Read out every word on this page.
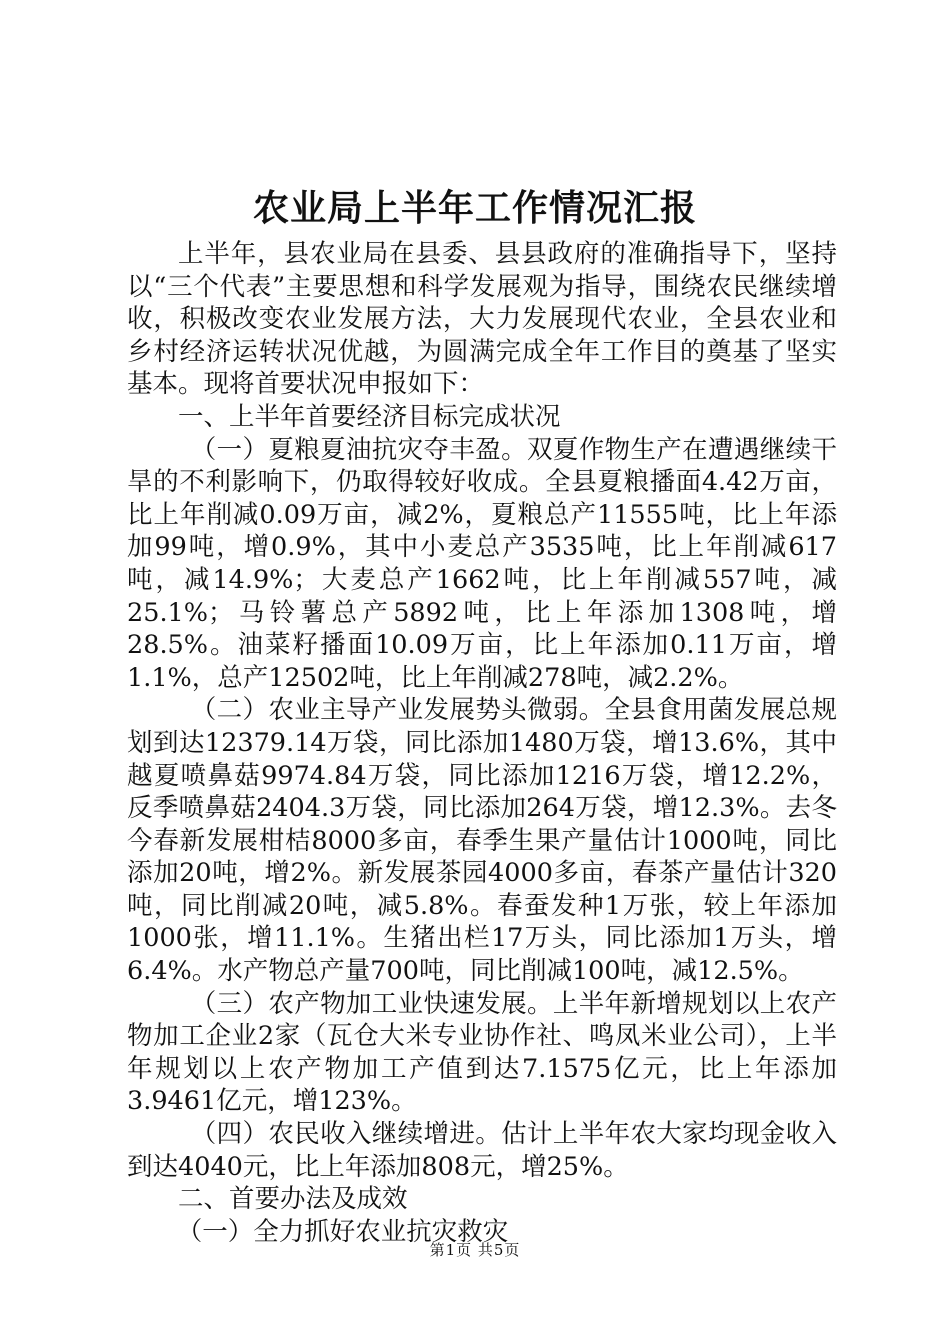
农业局上半年工作情况汇报

上半年，县农业局在县委、县县政府的准确指导下，坚持以“三个代表”主要思想和科学发展观为指导，围绕农民继续增收，积极改变农业发展方法，大力发展现代农业，全县农业和乡村经济运转状况优越，为圆满完成全年工作目的奠基了坚实基本。现将首要状况申报如下：

一、上半年首要经济目标完成状况

（一）夏粮夏油抗灾夺丰盈。双夏作物生产在遭遇继续干旱的不利影响下，仍取得较好收成。全县夏粮播面4.42万亩，比上年削减0.09万亩，减2%，夏粮总产11555吨，比上年添加99吨，增0.9%，其中小麦总产3535吨，比上年削减617吨，减14.9%；大麦总产1662吨，比上年削减557吨，减25.1%；马铃薯总产5892吨，比上年添加1308吨，增28.5%。油菜籽播面10.09万亩，比上年添加0.11万亩，增1.1%，总产12502吨，比上年削减278吨，减2.2%。

（二）农业主导产业发展势头微弱。全县食用菌发展总规划到达12379.14万袋，同比添加1480万袋，增13.6%，其中越夏喷鼻菇9974.84万袋，同比添加1216万袋，增12.2%，反季喷鼻菇2404.3万袋，同比添加264万袋，增12.3%。去冬今春新发展柑桔8000多亩，春季生果产量估计1000吨，同比添加20吨，增2%。新发展茶园4000多亩，春茶产量估计320吨，同比削减20吨，减5.8%。春蚕发种1万张，较上年添加1000张，增11.1%。生猪出栏17万头，同比添加1万头，增6.4%。水产物总产量700吨，同比削减100吨，减12.5%。

（三）农产物加工业快速发展。上半年新增规划以上农产物加工企业2家（瓦仓大米专业协作社、鸣凤米业公司），上半年规划以上农产物加工产值到达7.1575亿元，比上年添加3.9461亿元，增123%。

（四）农民收入继续增进。估计上半年农大家均现金收入到达4040元，比上年添加808元，增25%。

二、首要办法及成效

（一）全力抓好农业抗灾救灾

第1页 共5页
